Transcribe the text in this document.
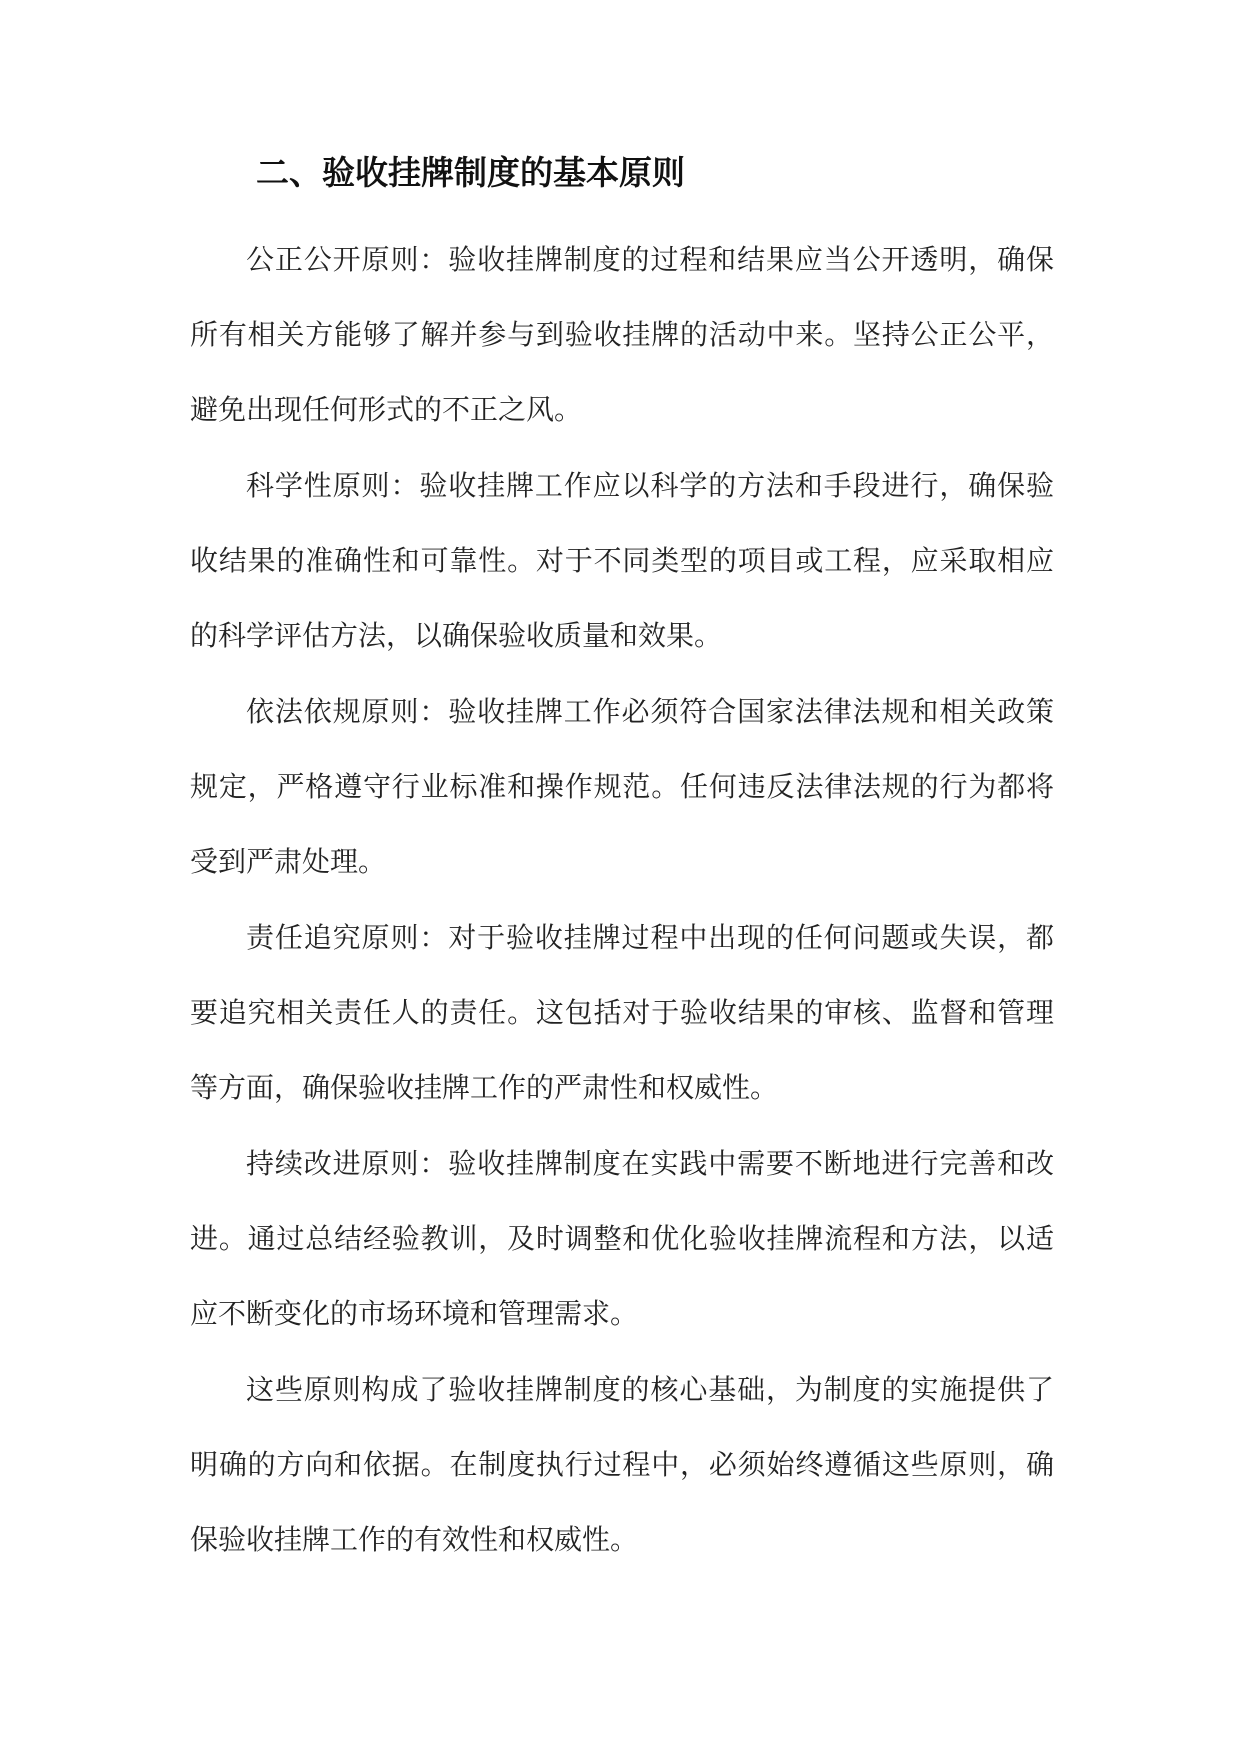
二、验收挂牌制度的基本原则

公正公开原则：验收挂牌制度的过程和结果应当公开透明，确保所有相关方能够了解并参与到验收挂牌的活动中来。坚持公正公平，避免出现任何形式的不正之风。

科学性原则：验收挂牌工作应以科学的方法和手段进行，确保验收结果的准确性和可靠性。对于不同类型的项目或工程，应采取相应的科学评估方法，以确保验收质量和效果。

依法依规原则：验收挂牌工作必须符合国家法律法规和相关政策规定，严格遵守行业标准和操作规范。任何违反法律法规的行为都将受到严肃处理。

责任追究原则：对于验收挂牌过程中出现的任何问题或失误，都要追究相关责任人的责任。这包括对于验收结果的审核、监督和管理等方面，确保验收挂牌工作的严肃性和权威性。

持续改进原则：验收挂牌制度在实践中需要不断地进行完善和改进。通过总结经验教训，及时调整和优化验收挂牌流程和方法，以适应不断变化的市场环境和管理需求。

这些原则构成了验收挂牌制度的核心基础，为制度的实施提供了明确的方向和依据。在制度执行过程中，必须始终遵循这些原则，确保验收挂牌工作的有效性和权威性。
